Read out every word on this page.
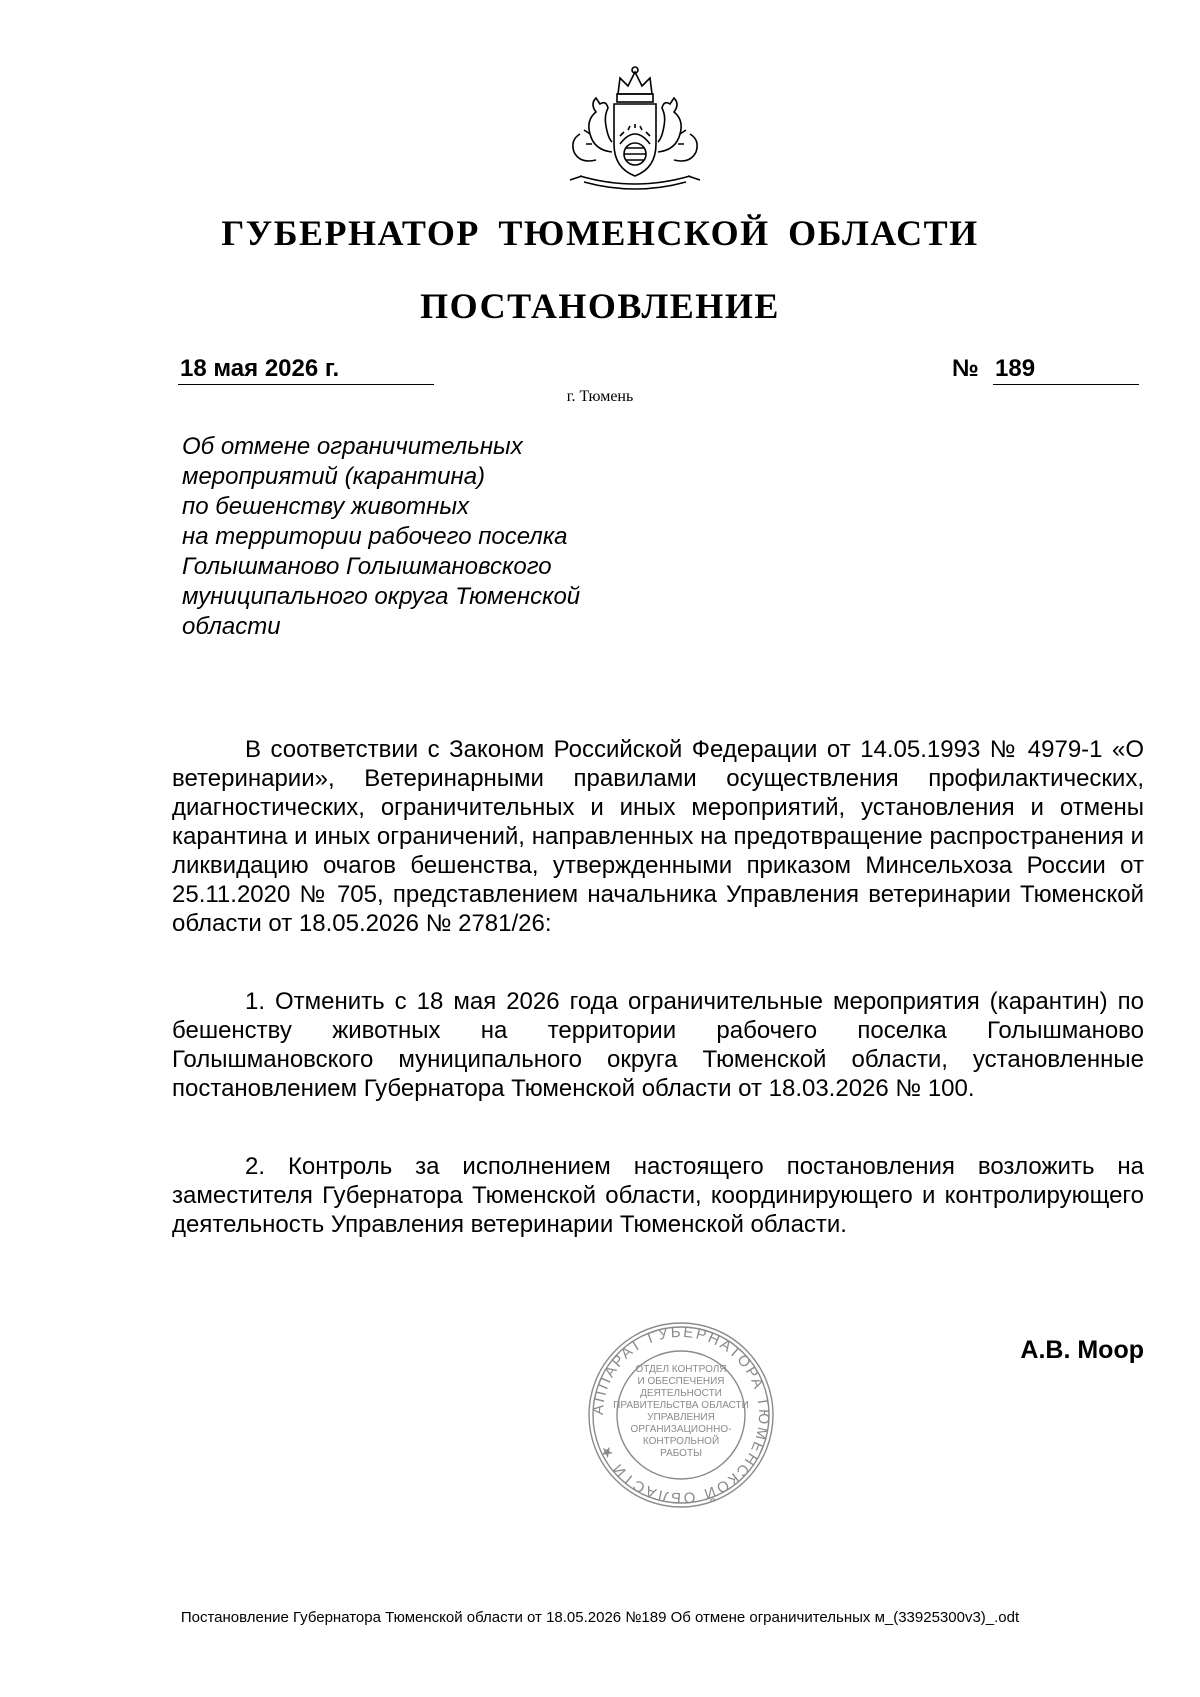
ГУБЕРНАТОР ТЮМЕНСКОЙ ОБЛАСТИ
ПОСТАНОВЛЕНИЕ
18 мая 2026 г.	№ 189
г. Тюмень
Об отмене ограничительных
мероприятий (карантина)
по бешенству животных
на территории рабочего поселка
Голышманово Голышмановского
муниципального округа Тюменской
области
В соответствии с Законом Российской Федерации от 14.05.1993 № 4979-1 «О ветеринарии», Ветеринарными правилами осуществления профилактических, диагностических, ограничительных и иных мероприятий, установления и отмены карантина и иных ограничений, направленных на предотвращение распространения и ликвидацию очагов бешенства, утвержденными приказом Минсельхоза России от 25.11.2020 № 705, представлением начальника Управления ветеринарии Тюменской области от 18.05.2026 № 2781/26:
1. Отменить с 18 мая 2026 года ограничительные мероприятия (карантин) по бешенству животных на территории рабочего поселка Голышманово Голышмановского муниципального округа Тюменской области, установленные постановлением Губернатора Тюменской области от 18.03.2026 № 100.
2. Контроль за исполнением настоящего постановления возложить на заместителя Губернатора Тюменской области, координирующего и контролирующего деятельность Управления ветеринарии Тюменской области.
АППАРАТ ГУБЕРНАТОРА ТЮМЕНСКОЙ ОБЛАСТИ ★
ОТДЕЛ КОНТРОЛЯ
И ОБЕСПЕЧЕНИЯ
ДЕЯТЕЛЬНОСТИ
ПРАВИТЕЛЬСТВА ОБЛАСТИ
УПРАВЛЕНИЯ
ОРГАНИЗАЦИОННО-
КОНТРОЛЬНОЙ
РАБОТЫ
А.В. Моор
Постановление Губернатора Тюменской области от 18.05.2026 №189 Об отмене ограничительных м_(33925300v3)_.odt
